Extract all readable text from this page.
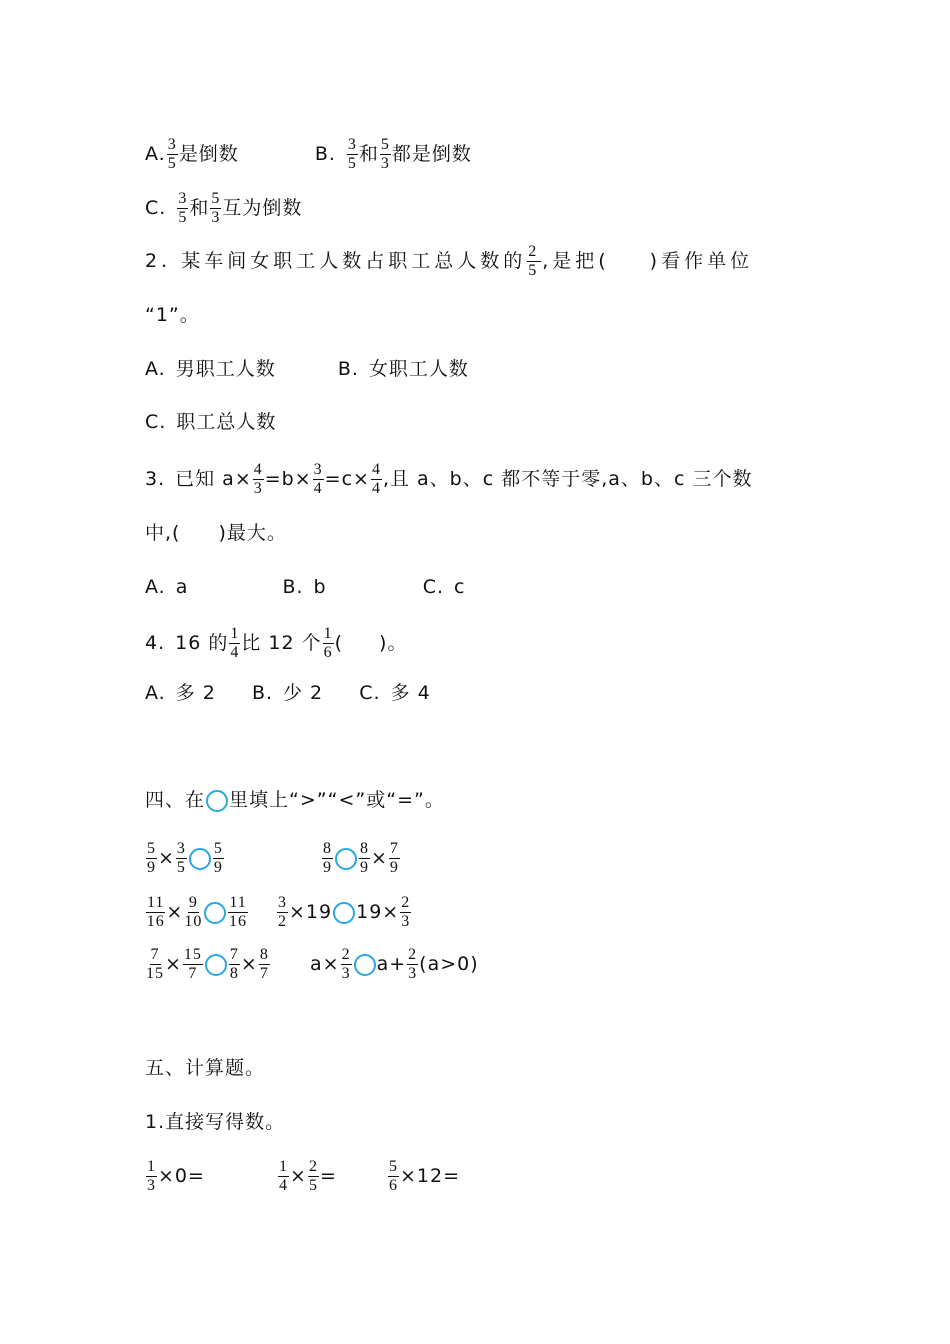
A. $\frac{3}{5}$ 是倒数	B. $\frac{3}{5}$ 和 $\frac{5}{3}$ 都是倒数
C. $\frac{3}{5}$ 和 $\frac{5}{3}$ 互为倒数
2. 某车间女职工人数占职工总人数的 $\frac{2}{5}$ ,是把( )看作单位
“1”。
A. 男职工人数	B. 女职工人数
C. 职工总人数
3. 已知 $a\times \frac{4}{3} =b\times \frac{3}{4} =c\times \frac{4}{4}$ ,且 a、b、c 都不等于零,a、b、c 三个数
中,( )最大。
A. a	B. b	C. c
4. 16 的 $\frac{1}{4}$ 比 12 个 $\frac{1}{6}$ ( )。
A. 多 2 B. 少 2 C. 多 4
四、在 里填上“>”“<”或“=”。
$\frac{5}{9} \times \frac{3}{5} \frac{5}{9}$	$\frac{8}{9} \frac{8}{9} \times \frac{7}{9}$
$\frac{11}{16} \times \frac{9}{10} \frac{11}{16} \frac{3}{2} \times 19$ $19\times \frac{2}{3}$
$\frac{7}{15} \times \frac{15}{7} \frac{7}{8} \times \frac{8}{7} a\times \frac{2}{3} a+ \frac{2}{3} (a>0)$
五、计算题。
1.直接写得数。
$\frac{1}{3} \times 0=$	$\frac{1}{4} \times \frac{2}{5}$ =	$\frac{5}{6} \times 12=$
